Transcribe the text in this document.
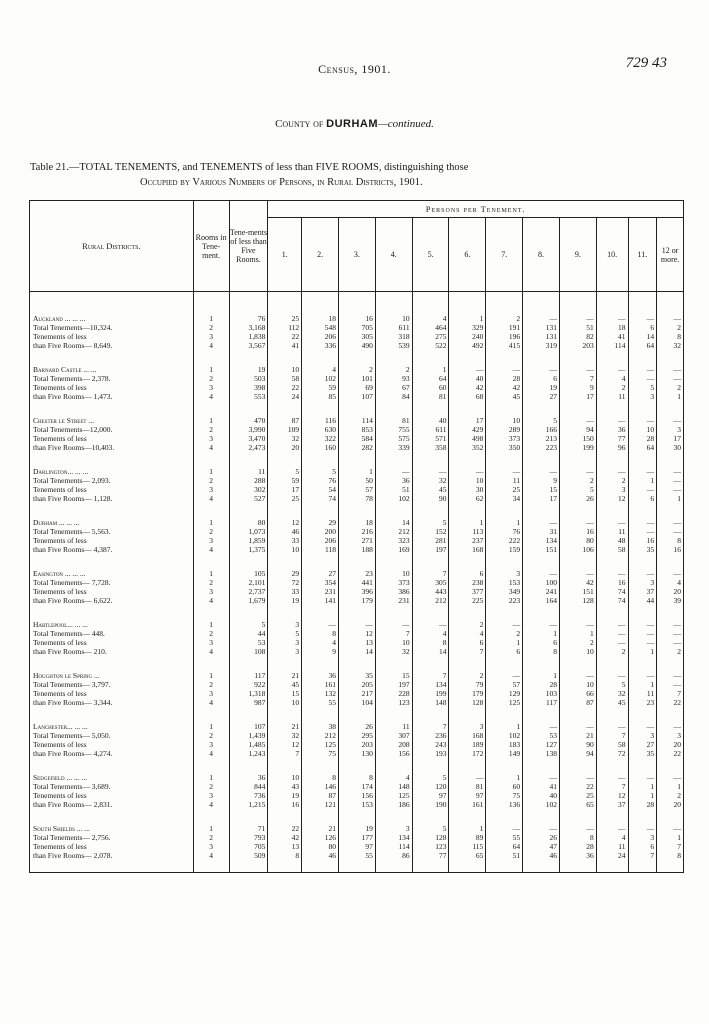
Census, 1901.	729 43
County of DURHAM—continued.
Table 21.—TOTAL TENEMENTS, and TENEMENTS of less than FIVE ROOMS, distinguishing those
Occupied by Various Numbers of Persons, in Rural Districts, 1901.
Rural Districts.	Rooms in Tene-ment.	Tene-ments of less than Five Rooms.	Persons per Tenement.											
			1.	2.	3.	4.	5.	6.	7.	8.	9.	10.	11.	12 or more.

Auckland ... ... ...	1	76	25	18	16	10	4	1	2	—	—	—	—	—
Total Tenements—10,324.	2	3,168	112	548	705	611	464	329	191	131	51	18	6	2
Tenements of less	3	1,838	22	206	305	318	275	240	196	131	82	41	14	8
than Five Rooms— 8,649.	4	3,567	41	336	490	539	522	492	415	319	203	114	64	32

Barnard Castle ... ...	1	19	10	4	2	2	1	—	—	—	—	—	—	—
Total Tenements— 2,378.	2	503	58	102	101	93	64	40	28	6	7	4	—	—
Tenements of less	3	398	22	59	69	67	60	42	42	19	9	2	5	2
than Five Rooms— 1,473.	4	553	24	85	107	84	81	68	45	27	17	11	3	1

Chester le Street ...	1	470	87	116	114	81	40	17	10	5	—	—	—	—
Total Tenements—12,000.	2	3,990	109	630	853	755	611	429	289	166	94	36	10	3
Tenements of less	3	3,470	32	322	584	575	571	498	373	213	150	77	28	17
than Five Rooms—10,403.	4	2,473	20	160	282	339	358	352	350	223	199	96	64	30

Darlington... ... ...	1	11	5	5	1	—	—	—	—	—	—	—	—	—
Total Tenements— 2,093.	2	288	59	76	50	36	32	10	11	9	2	2	1	—
Tenements of less	3	302	17	54	57	51	45	30	25	15	5	3	—	—
than Five Rooms— 1,128.	4	527	25	74	78	102	90	62	34	17	26	12	6	1

Durham ... ... ...	1	80	12	29	18	14	5	1	1	—	—	—	—	—
Total Tenements— 5,563.	2	1,073	46	200	216	212	152	113	76	31	16	11	—	—
Tenements of less	3	1,859	33	206	271	323	281	237	222	134	80	48	16	8
than Five Rooms— 4,387.	4	1,375	10	118	188	169	197	168	159	151	106	58	35	16

Easington ... ... ...	1	105	29	27	23	10	7	6	3	—	—	—	—	—
Total Tenements— 7,728.	2	2,101	72	354	441	373	305	238	153	100	42	16	3	4
Tenements of less	3	2,737	33	231	396	386	443	377	349	241	151	74	37	20
than Five Rooms— 6,622.	4	1,679	19	141	179	231	212	225	223	164	128	74	44	39

Hartlepool... ... ...	1	5	3	—	—	—	—	2	—	—	—	—	—	—
Total Tenements— 448.	2	44	5	8	12	7	4	4	2	1	1	—	—	—
Tenements of less	3	53	3	4	13	10	8	6	1	6	2	—	—	—
than Five Rooms— 210.	4	108	3	9	14	32	14	7	6	8	10	2	1	2

Houghton le Spring ...	1	117	21	36	35	15	7	2	—	1	—	—	—	—
Total Tenements— 3,797.	2	922	45	161	205	197	134	79	57	28	10	5	1	—
Tenements of less	3	1,318	15	132	217	228	199	179	129	103	66	32	11	7
than Five Rooms— 3,344.	4	987	10	55	104	123	148	128	125	117	87	45	23	22

Lanchester... ... ...	1	107	21	38	26	11	7	3	1	—	—	—	—	—
Total Tenements— 5,050.	2	1,439	32	212	295	307	236	168	102	53	21	7	3	3
Tenements of less	3	1,485	12	125	203	208	243	189	183	127	90	58	27	20
than Five Rooms— 4,274.	4	1,243	7	75	130	156	193	172	149	138	94	72	35	22

Sedgefield ... ... ...	1	36	10	8	8	4	5	—	1	—	—	—	—	—
Total Tenements— 3,689.	2	844	43	146	174	148	120	81	60	41	22	7	1	1
Tenements of less	3	736	19	87	156	125	97	97	75	40	25	12	1	2
than Five Rooms— 2,831.	4	1,215	16	121	153	186	190	161	136	102	65	37	28	20

South Shields ... ...	1	71	22	21	19	3	5	1	—	—	—	—	—	—
Total Tenements— 2,756.	2	793	42	126	177	134	128	89	55	26	8	4	3	1
Tenements of less	3	705	13	80	97	114	123	115	64	47	28	11	6	7
than Five Rooms— 2,078.	4	509	8	46	55	86	77	65	51	46	36	24	7	8
